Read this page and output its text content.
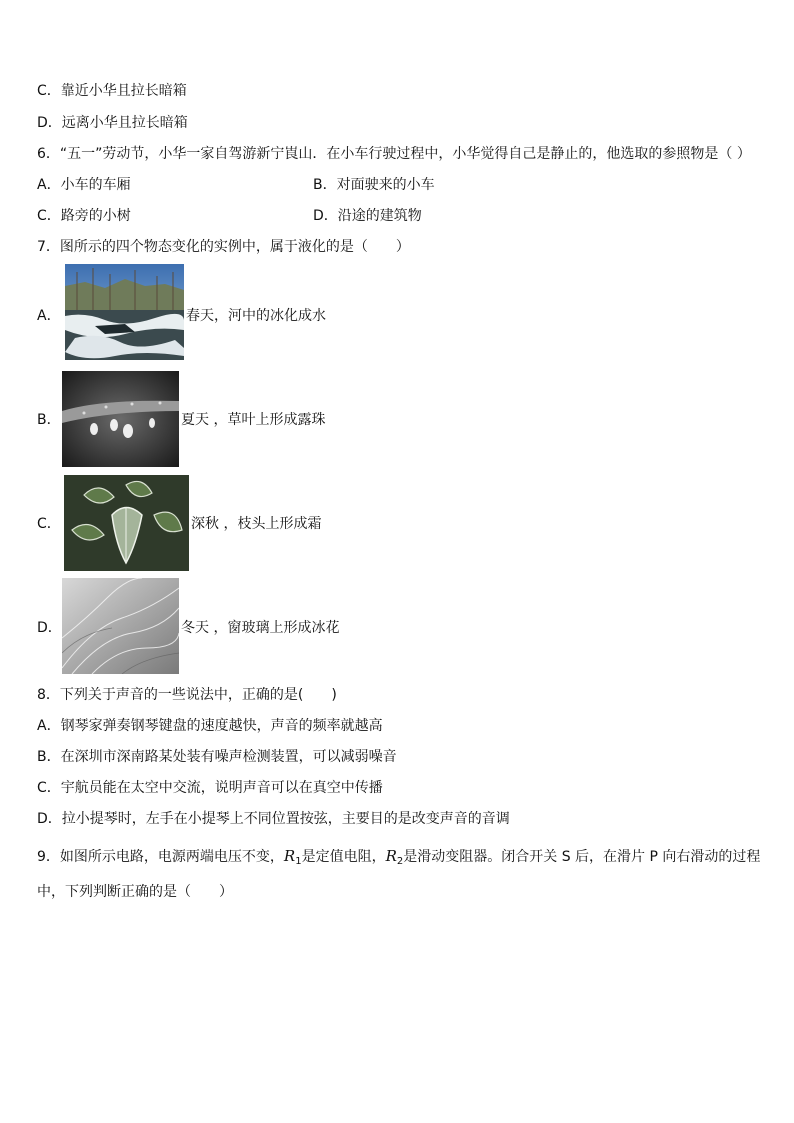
C．靠近小华且拉长暗箱
D．远离小华且拉长暗箱
6．“五一”劳动节，小华一家自驾游新宁崀山．在小车行驶过程中，小华觉得自己是静止的，他选取的参照物是（ ）
A．小车的车厢	B．对面驶来的小车
C．路旁的小树	D．沿途的建筑物
7．图所示的四个物态变化的实例中，属于液化的是（　　）
A．	春天，河中的冰化成水
B．	夏天 ，草叶上形成露珠
C．	深秋 ，枝头上形成霜
D．	冬天 ，窗玻璃上形成冰花
8．下列关于声音的一些说法中，正确的是(　　)
A．钢琴家弹奏钢琴键盘的速度越快，声音的频率就越高
B．在深圳市深南路某处装有噪声检测装置，可以减弱噪音
C．宇航员能在太空中交流，说明声音可以在真空中传播
D．拉小提琴时，左手在小提琴上不同位置按弦，主要目的是改变声音的音调
9．如图所示电路，电源两端电压不变，$R_1$是定值电阻，$R_2$是滑动变阻器。闭合开关 S 后，在滑片 P 向右滑动的过程
中，下列判断正确的是（　　）
